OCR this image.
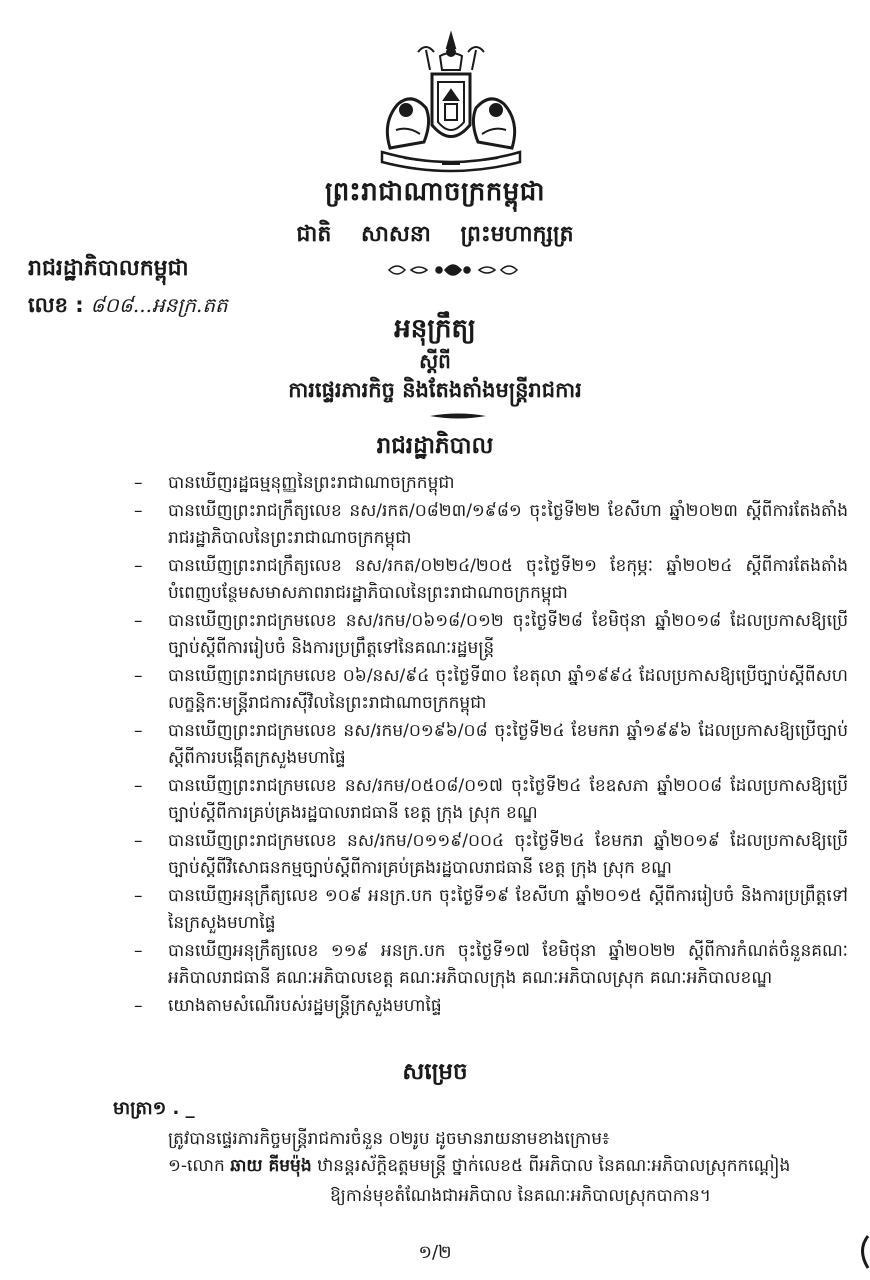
ព្រះរាជាណាចក្រកម្ពុជា
ជាតិ សាសនា ព្រះមហាក្សត្រ
រាជរដ្ឋាភិបាលកម្ពុជា
លេខ : ៨០៨...អនក្រ.តត
អនុក្រឹត្យ
ស្តីពី
ការផ្ទេរភារកិច្ច និងតែងតាំងមន្ត្រីរាជការ
រាជរដ្ឋាភិបាល
– បានឃើញរដ្ឋធម្មនុញ្ញនៃព្រះរាជាណាចក្រកម្ពុជា
– បានឃើញព្រះរាជក្រឹត្យលេខ នស/រកត/០៨២៣/១៩៨១ ចុះថ្ងៃទី២២ ខែសីហា ឆ្នាំ២០២៣ ស្តីពីការតែងតាំងរាជរដ្ឋាភិបាលនៃព្រះរាជាណាចក្រកម្ពុជា
– បានឃើញព្រះរាជក្រឹត្យលេខ នស/រកត/០២២៤/២០៥ ចុះថ្ងៃទី២១ ខែកុម្ភៈ ឆ្នាំ២០២៤ ស្តីពីការតែងតាំងបំពេញបន្ថែមសមាសភាពរាជរដ្ឋាភិបាលនៃព្រះរាជាណាចក្រកម្ពុជា
– បានឃើញព្រះរាជក្រមលេខ នស/រកម/០៦១៨/០១២ ចុះថ្ងៃទី២៨ ខែមិថុនា ឆ្នាំ២០១៨ ដែលប្រកាសឱ្យប្រើច្បាប់ស្តីពីការរៀបចំ និងការប្រព្រឹត្តទៅនៃគណៈរដ្ឋមន្ត្រី
– បានឃើញព្រះរាជក្រមលេខ ០៦/នស/៩៤ ចុះថ្ងៃទី៣០ ខែតុលា ឆ្នាំ១៩៩៤ ដែលប្រកាសឱ្យប្រើច្បាប់ស្តីពីសហលក្ខន្តិកៈមន្ត្រីរាជការស៊ីវិលនៃព្រះរាជាណាចក្រកម្ពុជា
– បានឃើញព្រះរាជក្រមលេខ នស/រកម/០១៩៦/០៨ ចុះថ្ងៃទី២៤ ខែមករា ឆ្នាំ១៩៩៦ ដែលប្រកាសឱ្យប្រើច្បាប់ស្តីពីការបង្កើតក្រសួងមហាផ្ទៃ
– បានឃើញព្រះរាជក្រមលេខ នស/រកម/០៥០៨/០១៧ ចុះថ្ងៃទី២៤ ខែឧសភា ឆ្នាំ២០០៨ ដែលប្រកាសឱ្យប្រើច្បាប់ស្តីពីការគ្រប់គ្រងរដ្ឋបាលរាជធានី ខេត្ត ក្រុង ស្រុក ខណ្ឌ
– បានឃើញព្រះរាជក្រមលេខ នស/រកម/០១១៩/០០៤ ចុះថ្ងៃទី២៤ ខែមករា ឆ្នាំ២០១៩ ដែលប្រកាសឱ្យប្រើច្បាប់ស្តីពីវិសោធនកម្មច្បាប់ស្តីពីការគ្រប់គ្រងរដ្ឋបាលរាជធានី ខេត្ត ក្រុង ស្រុក ខណ្ឌ
– បានឃើញអនុក្រឹត្យលេខ ១០៩ អនក្រ.បក ចុះថ្ងៃទី១៩ ខែសីហា ឆ្នាំ២០១៥ ស្តីពីការរៀបចំ និងការប្រព្រឹត្តទៅនៃក្រសួងមហាផ្ទៃ
– បានឃើញអនុក្រឹត្យលេខ ១១៩ អនក្រ.បក ចុះថ្ងៃទី១៧ ខែមិថុនា ឆ្នាំ២០២២ ស្តីពីការកំណត់ចំនួនគណៈអភិបាលរាជធានី គណៈអភិបាលខេត្ត គណៈអភិបាលក្រុង គណៈអភិបាលស្រុក គណៈអភិបាលខណ្ឌ
– យោងតាមសំណើរបស់រដ្ឋមន្ត្រីក្រសួងមហាផ្ទៃ
សម្រេច
មាត្រា១ . _
ត្រូវបានផ្ទេរភារកិច្ចមន្ត្រីរាជការចំនួន ០២រូប ដូចមានរាយនាមខាងក្រោម៖
១-លោក ឆាយ គីមម៉ុង ឋានន្តរស័ក្តិឧត្តមមន្ត្រី ថ្នាក់លេខ៥ ពីអភិបាល នៃគណៈអភិបាលស្រុកកណ្តៀង
ឱ្យកាន់មុខតំណែងជាអភិបាល នៃគណៈអភិបាលស្រុកបាកាន។
១/២
